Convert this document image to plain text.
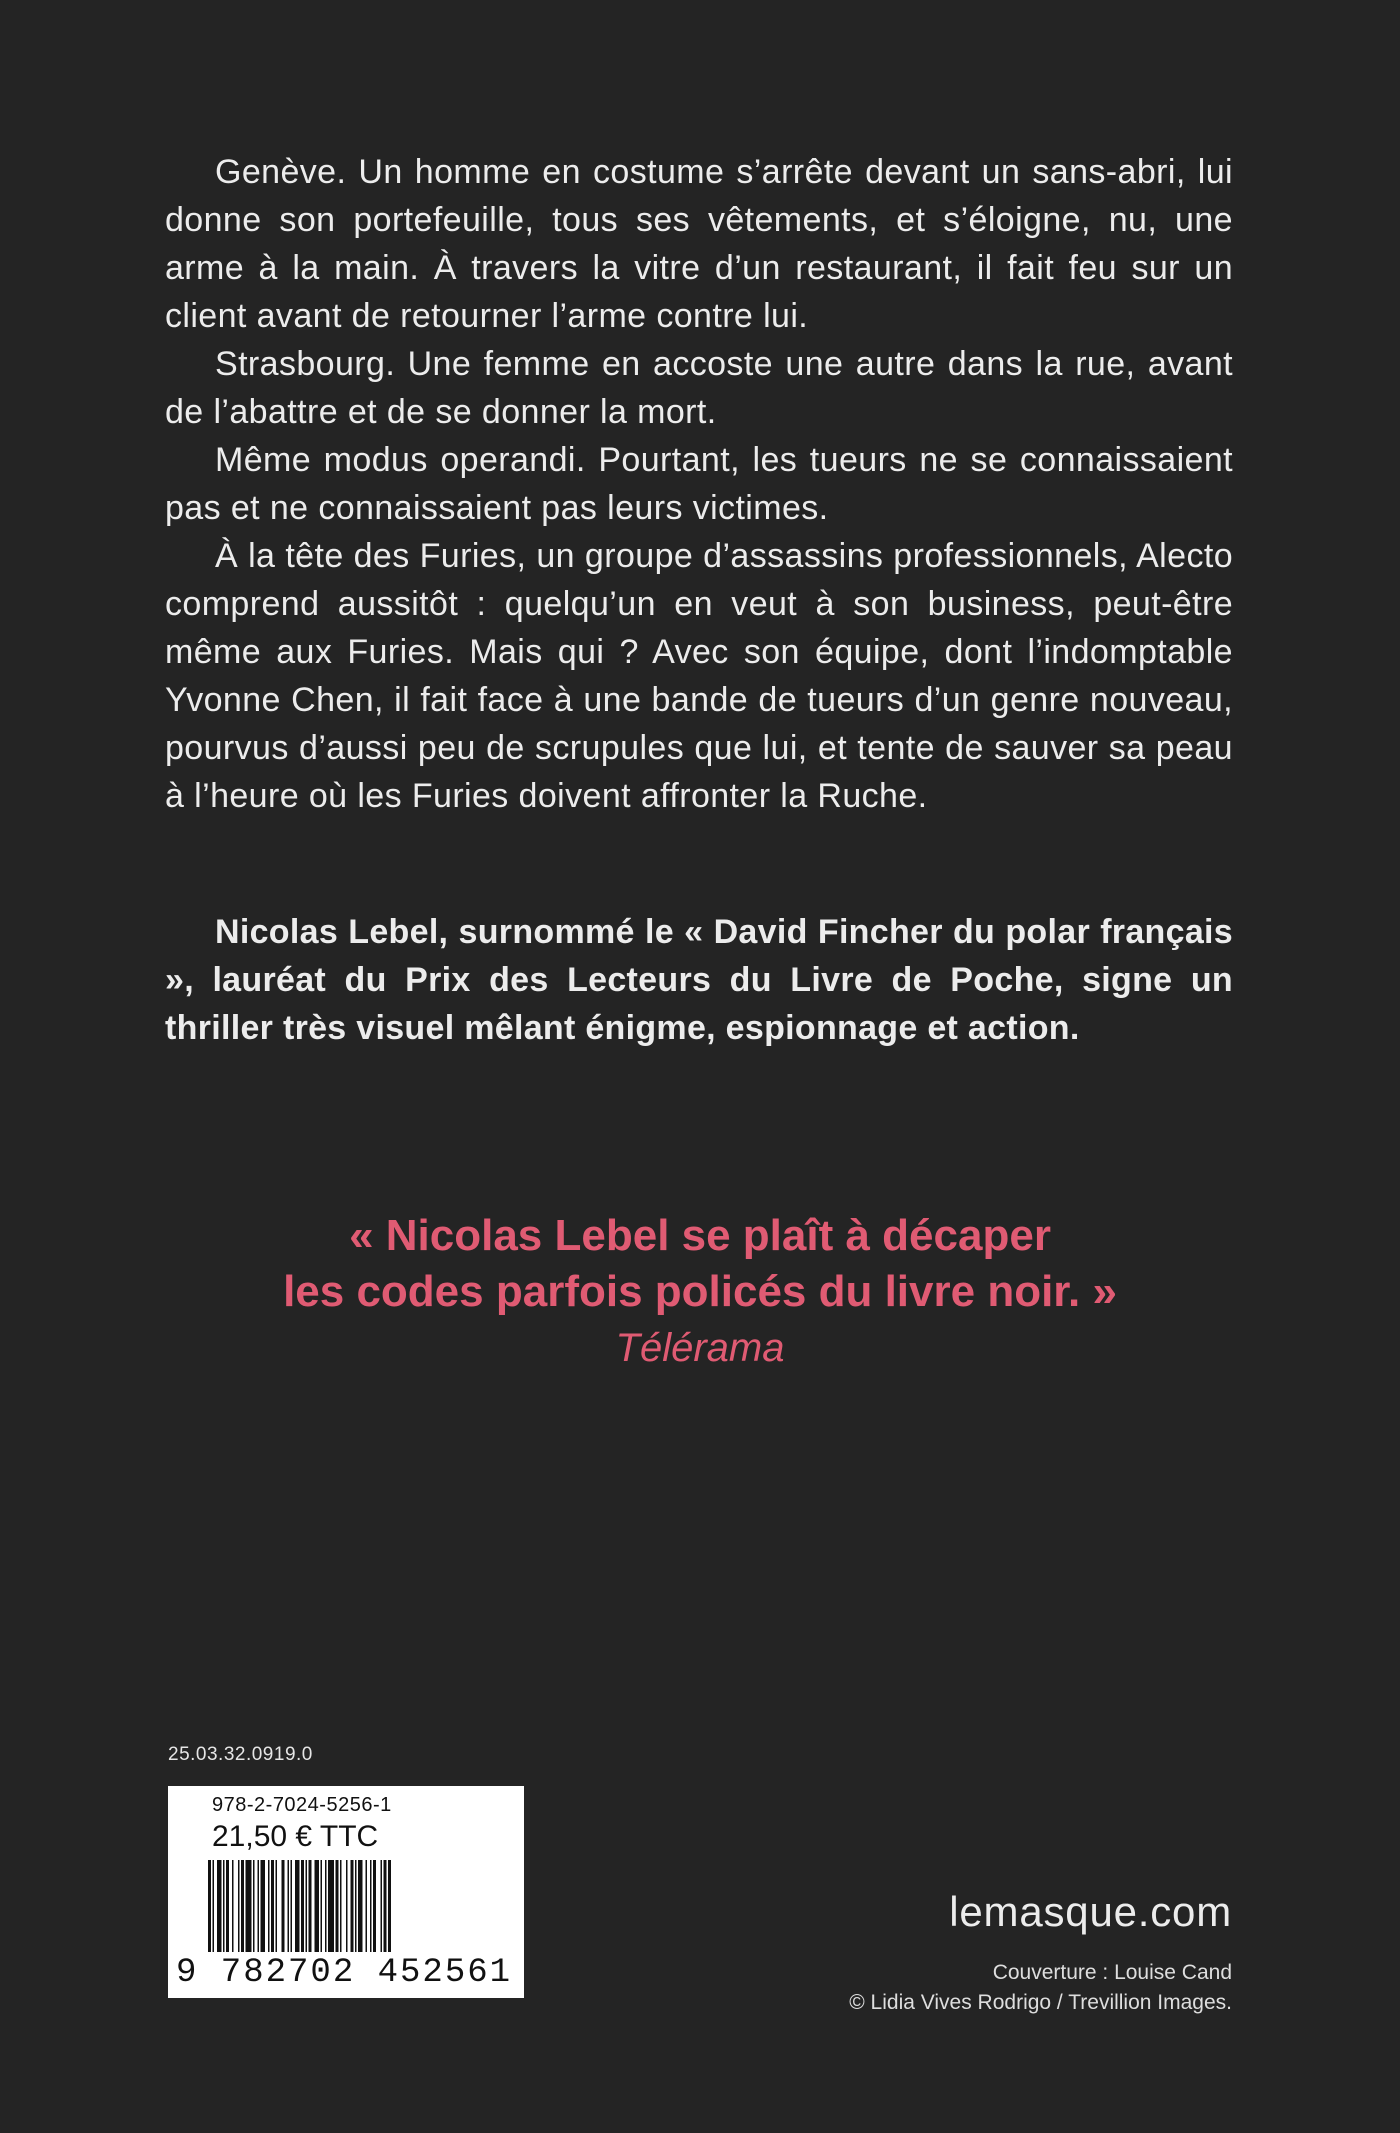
Genève. Un homme en costume s’arrête devant un sans-abri, lui donne son portefeuille, tous ses vêtements, et s’éloigne, nu, une arme à la main. À travers la vitre d’un restaurant, il fait feu sur un client avant de retourner l’arme contre lui.

Strasbourg. Une femme en accoste une autre dans la rue, avant de l’abattre et de se donner la mort.

Même modus operandi. Pourtant, les tueurs ne se connaissaient pas et ne connaissaient pas leurs victimes.

À la tête des Furies, un groupe d’assassins professionnels, Alecto comprend aussitôt : quelqu’un en veut à son business, peut-être même aux Furies. Mais qui ? Avec son équipe, dont l’indomptable Yvonne Chen, il fait face à une bande de tueurs d’un genre nouveau, pourvus d’aussi peu de scrupules que lui, et tente de sauver sa peau à l’heure où les Furies doivent affronter la Ruche.

Nicolas Lebel, surnommé le « David Fincher du polar français », lauréat du Prix des Lecteurs du Livre de Poche, signe un thriller très visuel mêlant énigme, espionnage et action.

« Nicolas Lebel se plaît à décaper
les codes parfois policés du livre noir. »
Télérama
25.03.32.0919.0
978-2-7024-5256-1
21,50 € TTC
9 782702 452561
lemasque.com
Couverture : Louise Cand
© Lidia Vives Rodrigo / Trevillion Images.
